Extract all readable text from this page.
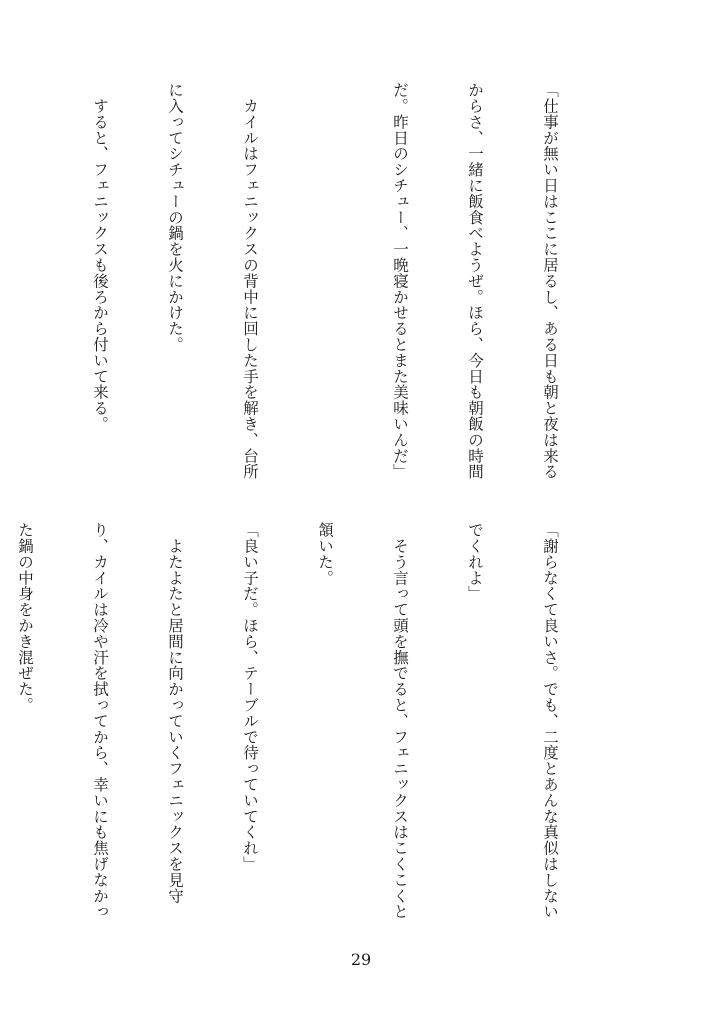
「仕事が無い日はここに居るし、ある日も朝と夜は来る

からさ、一緒に飯食べようぜ。ほら、今日も朝飯の時間

だ。昨日のシチュー、一晩寝かせるとまた美味いんだ」

　カイルはフェニックスの背中に回した手を解き、台所

に入ってシチューの鍋を火にかけた。

　すると、フェニックスも後ろから付いて来る。

「謝らなくて良いさ。でも、二度とあんな真似はしない

でくれよ」

　そう言って頭を撫でると、フェニックスはこくこくと

頷いた。

「良い子だ。ほら、テーブルで待っていてくれ」

　よたよたと居間に向かっていくフェニックスを見守

り、カイルは冷や汗を拭ってから、幸いにも焦げなかっ

た鍋の中身をかき混ぜた。

29
